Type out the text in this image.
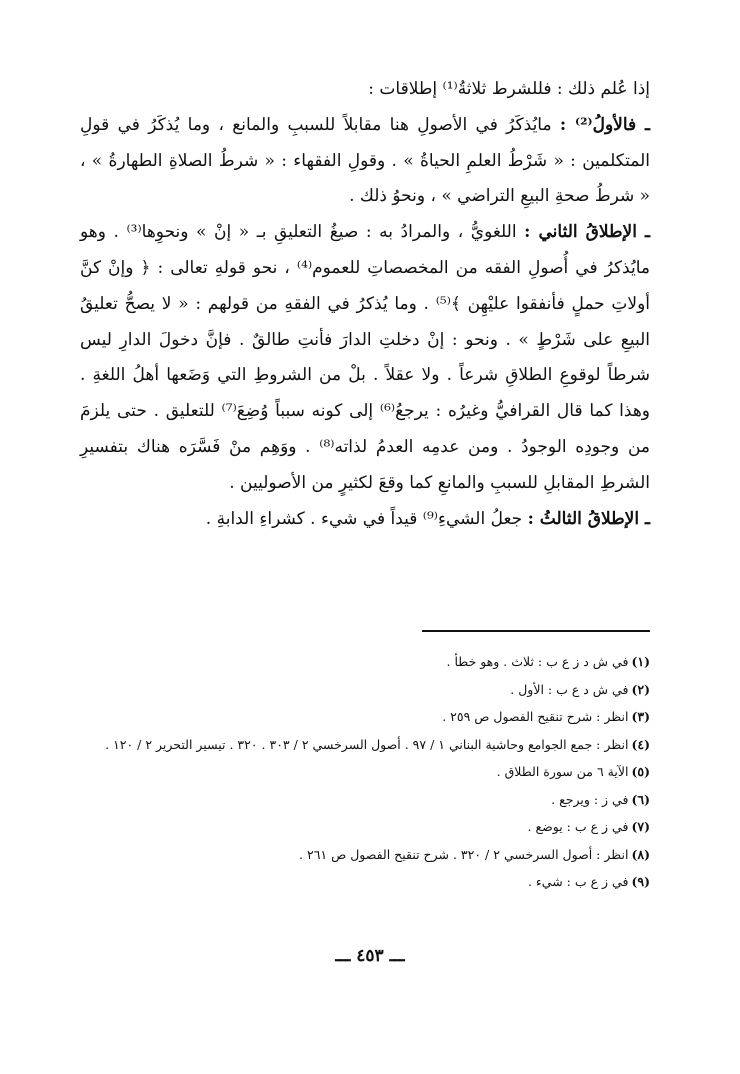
إذا عُلم ذلك : فللشرط ثلاثةُ⁽¹⁾ إطلاقات :

ـ فالأولُ⁽²⁾ : مايُذكَرُ في الأصولِ هنا مقابلاً للسببِ والمانع ، وما يُذكَرُ في قولِ المتكلمين : « شَرْطُ العلمِ الحياةُ » . وقولِ الفقهاء : « شرطُ الصلاةِ الطهارةُ » ، « شرطُ صحةِ البيعِ التراضي » ، ونحوُ ذلك .

ـ الإطلاقُ الثاني : اللغويُّ ، والمرادُ به : صيغُ التعليقِ بـ « إنْ » ونحوِها⁽³⁾ . وهو مايُذكرُ في أُصولِ الفقه من المخصصاتِ للعموم⁽⁴⁾ ، نحو قولهِ تعالى : ﴿ وإنْ كنَّ أولاتِ حملٍ فأنفقوا عليْهِن ﴾⁽⁵⁾ . وما يُذكرُ في الفقهِ من قولهم : « لا يصحُّ تعليقُ البيعِ على شَرْطٍ » . ونحو : إنْ دخلتِ الدارَ فأنتِ طالقٌ . فإنَّ دخولَ الدارِ ليس شرطاً لوقوعِ الطلاقِ شرعاً . ولا عقلاً . بلْ من الشروطِ التي وَضَعها أهلُ اللغةِ . وهذا كما قال القرافيُّ وغيرُه : يرجعُ⁽⁶⁾ إلى كونه سبباً وُضِعَ⁽⁷⁾ للتعليق . حتى يلزمَ من وجودِه الوجودُ . ومن عدمِه العدمُ لذاته⁽⁸⁾ . ووَهِم منْ فَسَّرَه هناك بتفسيرِ الشرطِ المقابلِ للسببِ والمانعِ كما وقعَ لكثيرٍ من الأصوليين .

ـ الإطلاقُ الثالثُ : جعلُ الشيءِ⁽⁹⁾ قيداً في شيء . كشراءِ الدابةِ .

(١)في ش د ز ع ب : ثلاث . وهو خطأ .

(٢)في ش د ع ب : الأول .

(٣)انظر : شرح تنقيح الفصول ص ٢٥٩ .

(٤)انظر : جمع الجوامع وحاشية البناني ١ / ٩٧ . أصول السرخسي ٢ / ٣٠٣ . ٣٢٠ . تيسير التحرير ٢ / ١٢٠ .

(٥)الآية ٦ من سورة الطلاق .

(٦)في ز : ويرجع .

(٧)في ز ع ب : يوضع .

(٨)انظر : أصول السرخسي ٢ / ٣٢٠ . شرح تنقيح الفصول ص ٢٦١ .

(٩)في ز ع ب : شيء .

ـــ ٤٥٣ ـــ
